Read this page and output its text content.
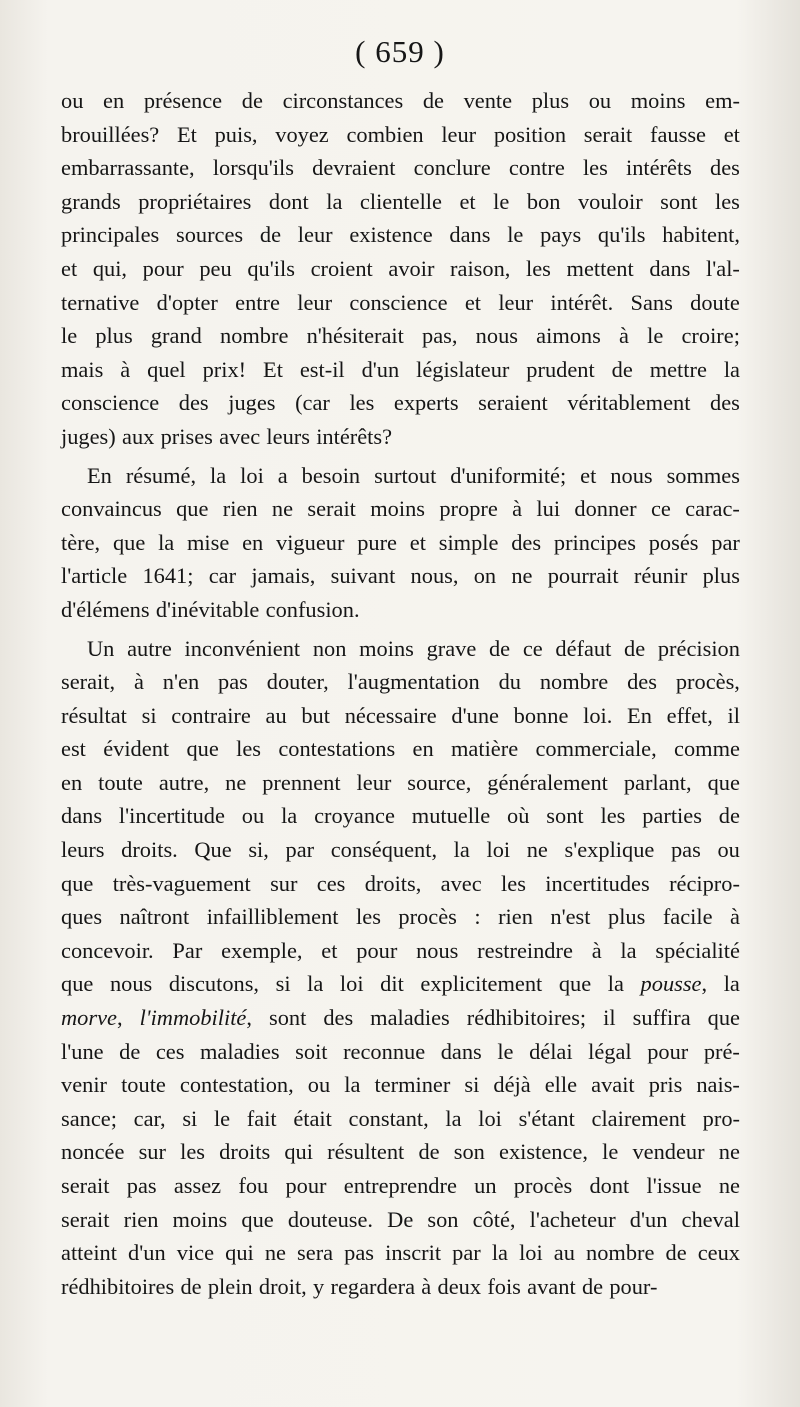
( 659 )
ou en présence de circonstances de vente plus ou moins em-
brouillées? Et puis, voyez combien leur position serait fausse et
embarrassante, lorsqu'ils devraient conclure contre les intérêts des
grands propriétaires dont la clientelle et le bon vouloir sont les
principales sources de leur existence dans le pays qu'ils habitent,
et qui, pour peu qu'ils croient avoir raison, les mettent dans l'al-
ternative d'opter entre leur conscience et leur intérêt. Sans doute
le plus grand nombre n'hésiterait pas, nous aimons à le croire;
mais à quel prix! Et est-il d'un législateur prudent de mettre la
conscience des juges (car les experts seraient véritablement des
juges) aux prises avec leurs intérêts?
En résumé, la loi a besoin surtout d'uniformité; et nous sommes
convaincus que rien ne serait moins propre à lui donner ce carac-
tère, que la mise en vigueur pure et simple des principes posés par
l'article 1641; car jamais, suivant nous, on ne pourrait réunir plus
d'élémens d'inévitable confusion.
Un autre inconvénient non moins grave de ce défaut de précision
serait, à n'en pas douter, l'augmentation du nombre des procès,
résultat si contraire au but nécessaire d'une bonne loi. En effet, il
est évident que les contestations en matière commerciale, comme
en toute autre, ne prennent leur source, généralement parlant, que
dans l'incertitude ou la croyance mutuelle où sont les parties de
leurs droits. Que si, par conséquent, la loi ne s'explique pas ou
que très-vaguement sur ces droits, avec les incertitudes récipro-
ques naîtront infailliblement les procès : rien n'est plus facile à
concevoir. Par exemple, et pour nous restreindre à la spécialité
que nous discutons, si la loi dit explicitement que la pousse, la
morve, l'immobilité, sont des maladies rédhibitoires; il suffira que
l'une de ces maladies soit reconnue dans le délai légal pour pré-
venir toute contestation, ou la terminer si déjà elle avait pris nais-
sance; car, si le fait était constant, la loi s'étant clairement pro-
noncée sur les droits qui résultent de son existence, le vendeur ne
serait pas assez fou pour entreprendre un procès dont l'issue ne
serait rien moins que douteuse. De son côté, l'acheteur d'un cheval
atteint d'un vice qui ne sera pas inscrit par la loi au nombre de ceux
rédhibitoires de plein droit, y regardera à deux fois avant de pour-
